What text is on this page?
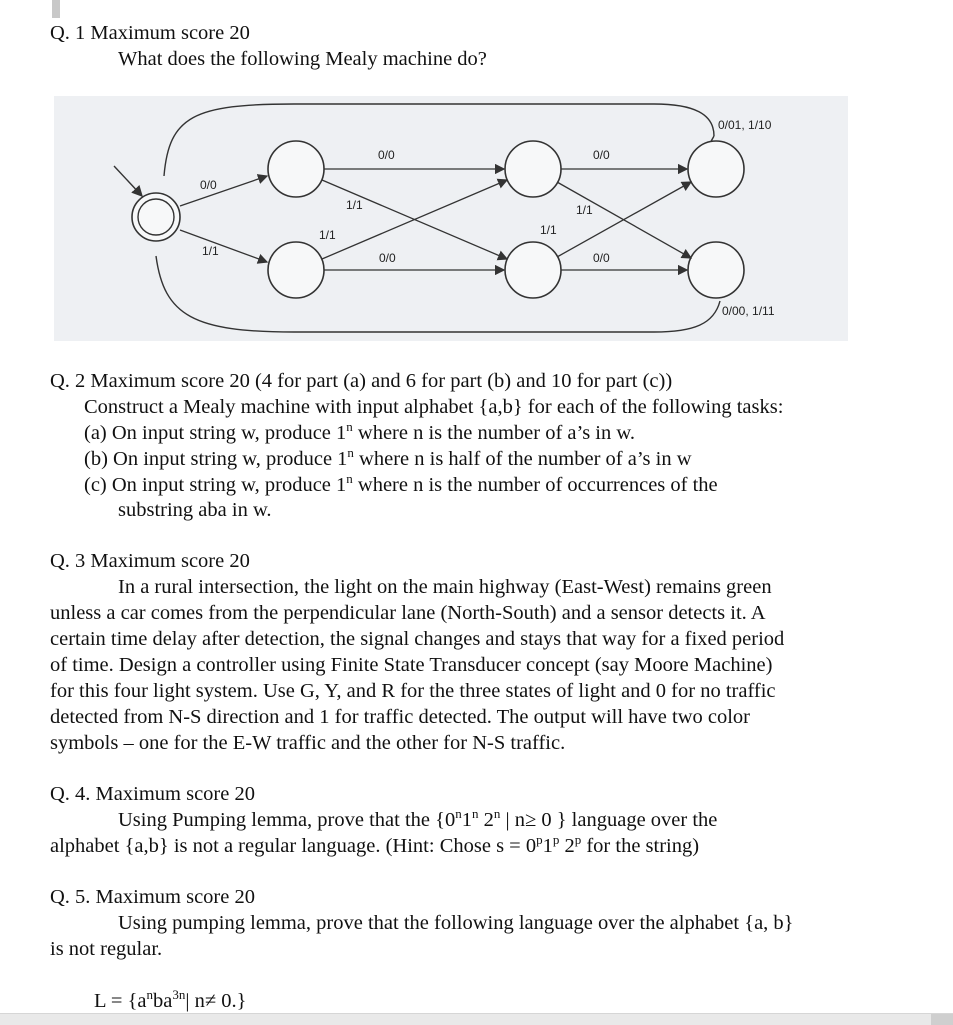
Q. 1 Maximum score 20

What does the following Mealy machine do?

0/01, 1/10
0/00, 1/11
0/0
1/1
0/0
0/0
0/0
0/0
1/1
1/1
1/1
1/1

Q. 2 Maximum score 20 (4 for part (a) and 6 for part (b) and 10 for part (c))

Construct a Mealy machine with input alphabet {a,b} for each of the following tasks:

(a) On input string w, produce 1$^n$ where n is the number of a’s in w.

(b) On input string w, produce 1$^n$ where n is half of the number of a’s in w

(c) On input string w, produce 1$^n$ where n is the number of occurrences of the

substring aba in w.

Q. 3 Maximum score 20

In a rural intersection, the light on the main highway (East-West) remains green

unless a car comes from the perpendicular lane (North-South) and a sensor detects it. A

certain time delay after detection, the signal changes and stays that way for a fixed period

of time. Design a controller using Finite State Transducer concept (say Moore Machine)

for this four light system. Use G, Y, and R for the three states of light and 0 for no traffic

detected from N-S direction and 1 for traffic detected. The output will have two color

symbols – one for the E-W traffic and the other for N-S traffic.

Q. 4. Maximum score 20

Using Pumping lemma, prove that the {0$^n$1$^n$ 2$^n$ | n≥ 0 } language over the

alphabet {a,b} is not a regular language. (Hint: Chose $s = 0^p1^p$ 2$^p$ for the string)

Q. 5. Maximum score 20

Using pumping lemma, prove that the following language over the alphabet {a, b}

is not regular.

$L = \{a^nba^{3n}|$ n≠ 0.}
